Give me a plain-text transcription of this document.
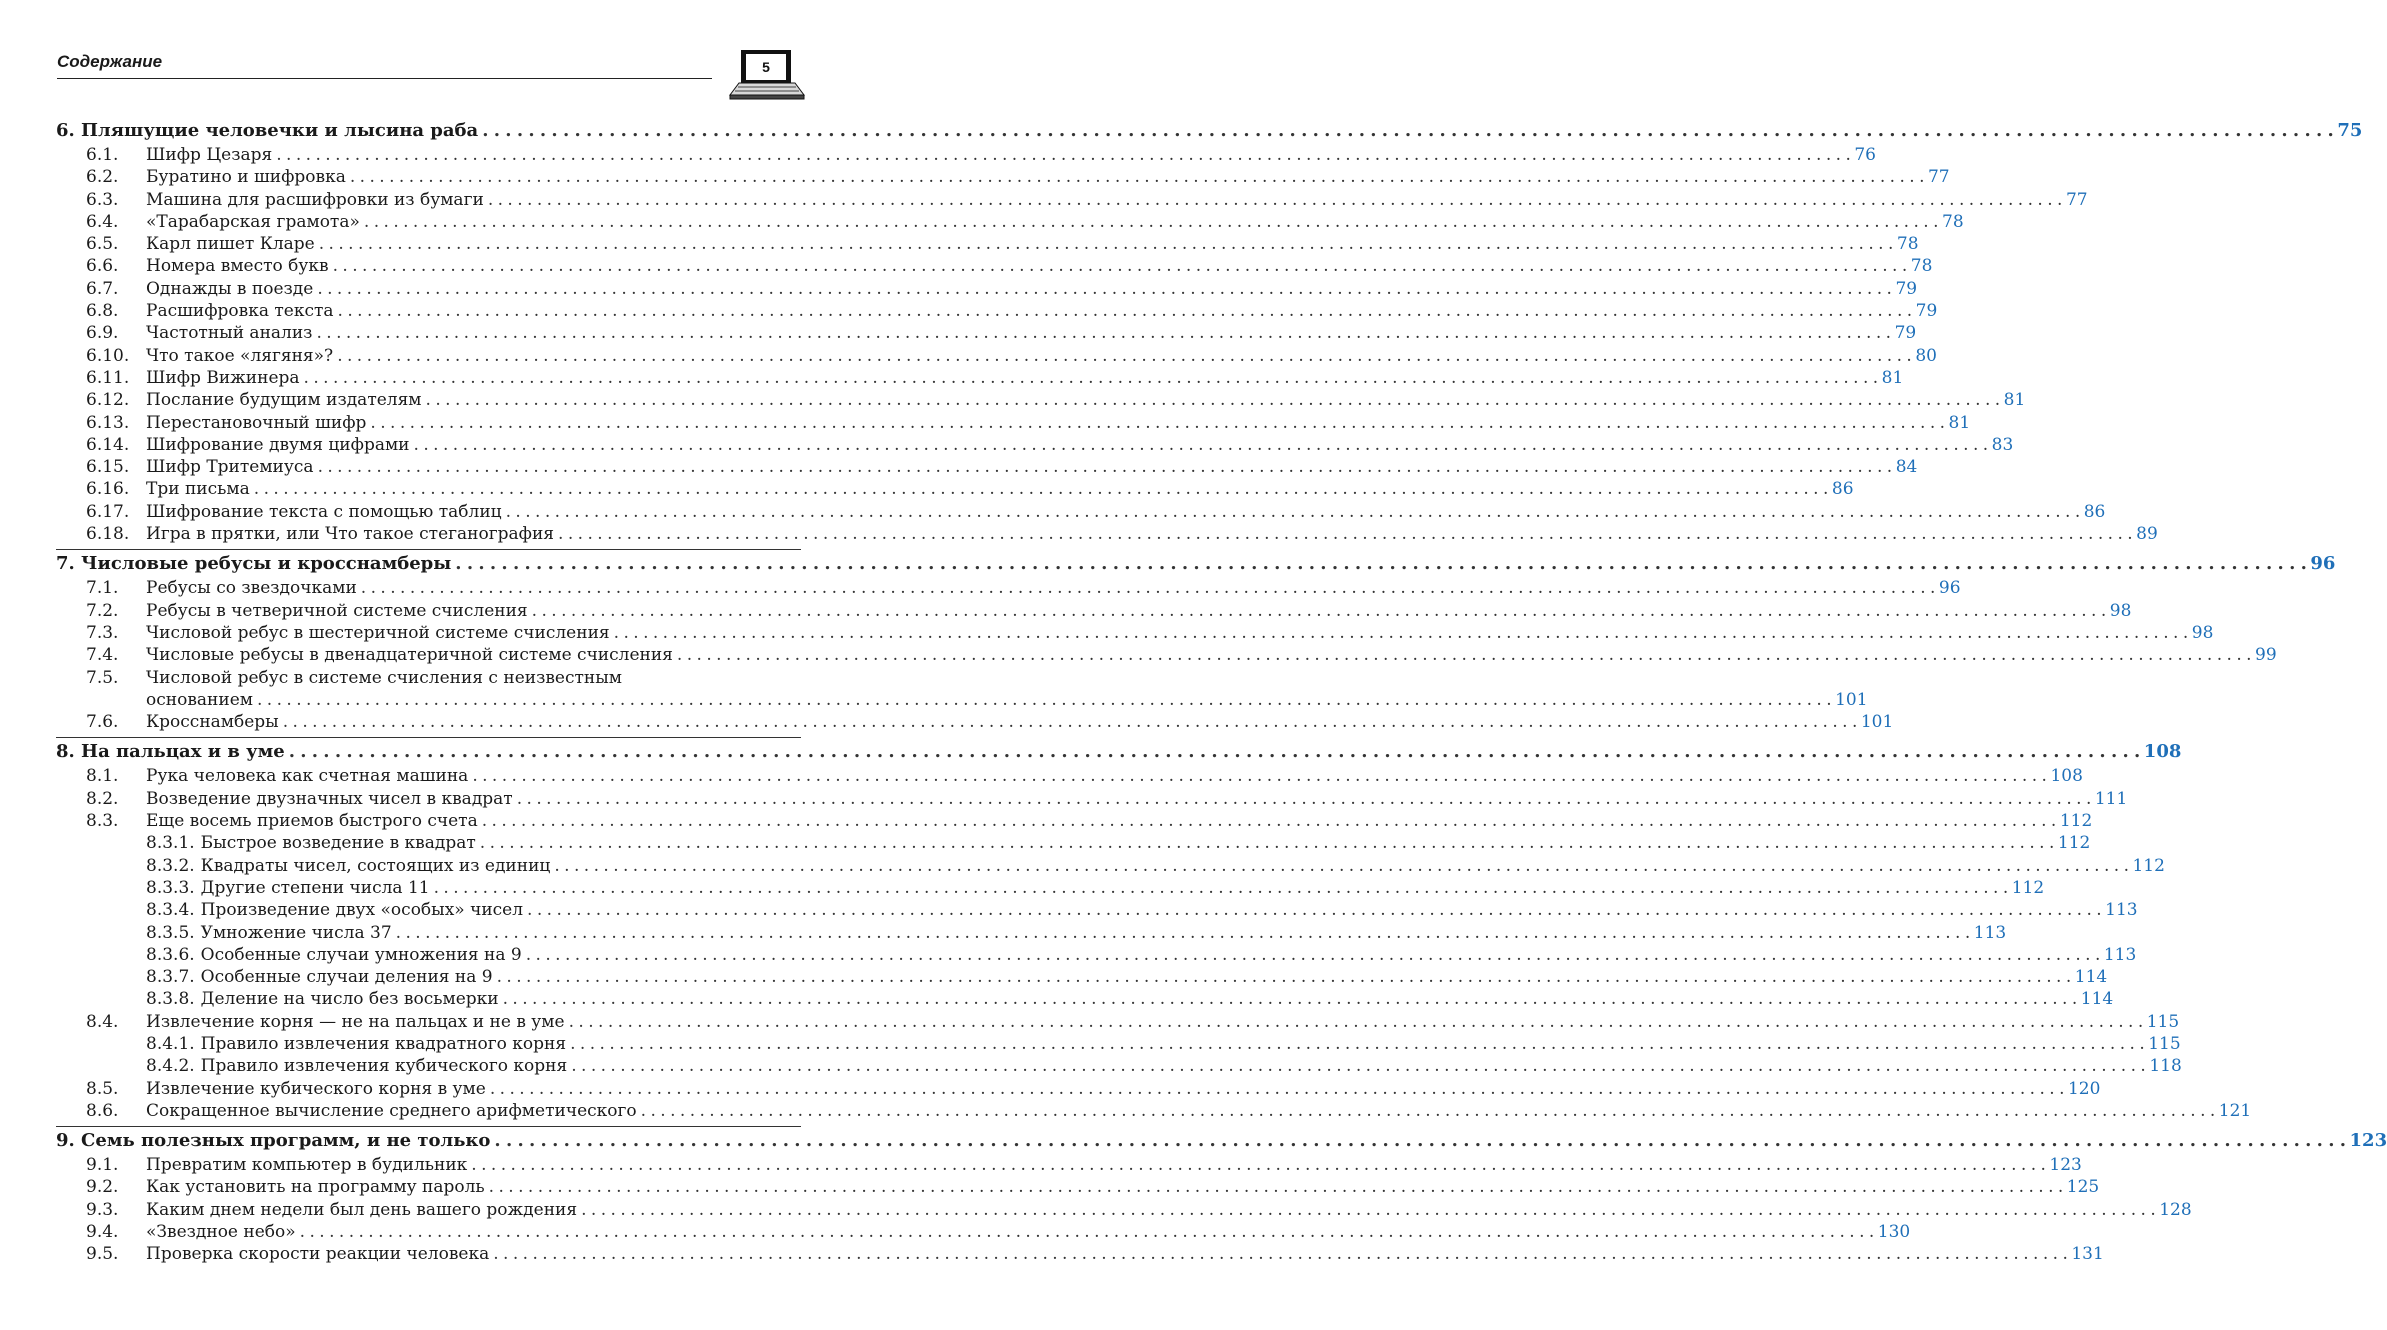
Содержание	5
6. Пляшущие человечки и лысина раба . . .	75
6.1.	Шифр Цезаря . . .	76
6.2.	Буратино и шифровка . . .	77
6.3.	Машина для расшифровки из бумаги . . .	77
6.4.	«Тарабарская грамота» . . .	78
6.5.	Карл пишет Кларе . . .	78
6.6.	Номера вместо букв . . .	78
6.7.	Однажды в поезде . . .	79
6.8.	Расшифровка текста . . .	79
6.9.	Частотный анализ . . .	79
6.10. Что такое «лягяня»? . . .	80
6.11. Шифр Вижинера . . .	81
6.12. Послание будущим издателям . . .	81
6.13. Перестановочный шифр . . .	81
6.14. Шифрование двумя цифрами . . .	83
6.15. Шифр Тритемиуса . . .	84
6.16. Три письма . . .	86
6.17. Шифрование текста с помощью таблиц . . .	86
6.18. Игра в прятки, или Что такое стеганография . . .	89
7. Числовые ребусы и кросснамберы . . .	96
7.1.	Ребусы со звездочками . . .	96
7.2.	Ребусы в четверичной системе счисления . . .	98
7.3.	Числовой ребус в шестеричной системе счисления . . .	98
7.4.	Числовые ребусы в двенадцатеричной системе счисления . . .	99
7.5.	Числовой ребус в системе счисления с неизвестным
основанием . . .	101
7.6.	Кросснамберы . . .	101
8. На пальцах и в уме . . .	108
8.1.	Рука человека как счетная машина . . .	108
8.2.	Возведение двузначных чисел в квадрат . . .	111
8.3.	Еще восемь приемов быстрого счета . . .	112
8.3.1. Быстрое возведение в квадрат . . .	112
8.3.2. Квадраты чисел, состоящих из единиц . . .	112
8.3.3. Другие степени числа 11 . . .	112
8.3.4. Произведение двух «особых» чисел . . .	113
8.3.5. Умножение числа 37 . . .	113
8.3.6. Особенные случаи умножения на 9 . . .	113
8.3.7. Особенные случаи деления на 9 . . .	114
8.3.8. Деление на число без восьмерки . . .	114
8.4.	Извлечение корня — не на пальцах и не в уме . . .	115
8.4.1. Правило извлечения квадратного корня . . .	115
8.4.2. Правило извлечения кубического корня . . .	118
8.5.	Извлечение кубического корня в уме . . .	120
8.6.	Сокращенное вычисление среднего арифметического . . .	121
9. Семь полезных программ, и не только . . .	123
9.1.	Превратим компьютер в будильник . . .	123
9.2.	Как установить на программу пароль . . .	125
9.3.	Каким днем недели был день вашего рождения . . .	128
9.4.	«Звездное небо» . . .	130
9.5.	Проверка скорости реакции человека . . .	131
